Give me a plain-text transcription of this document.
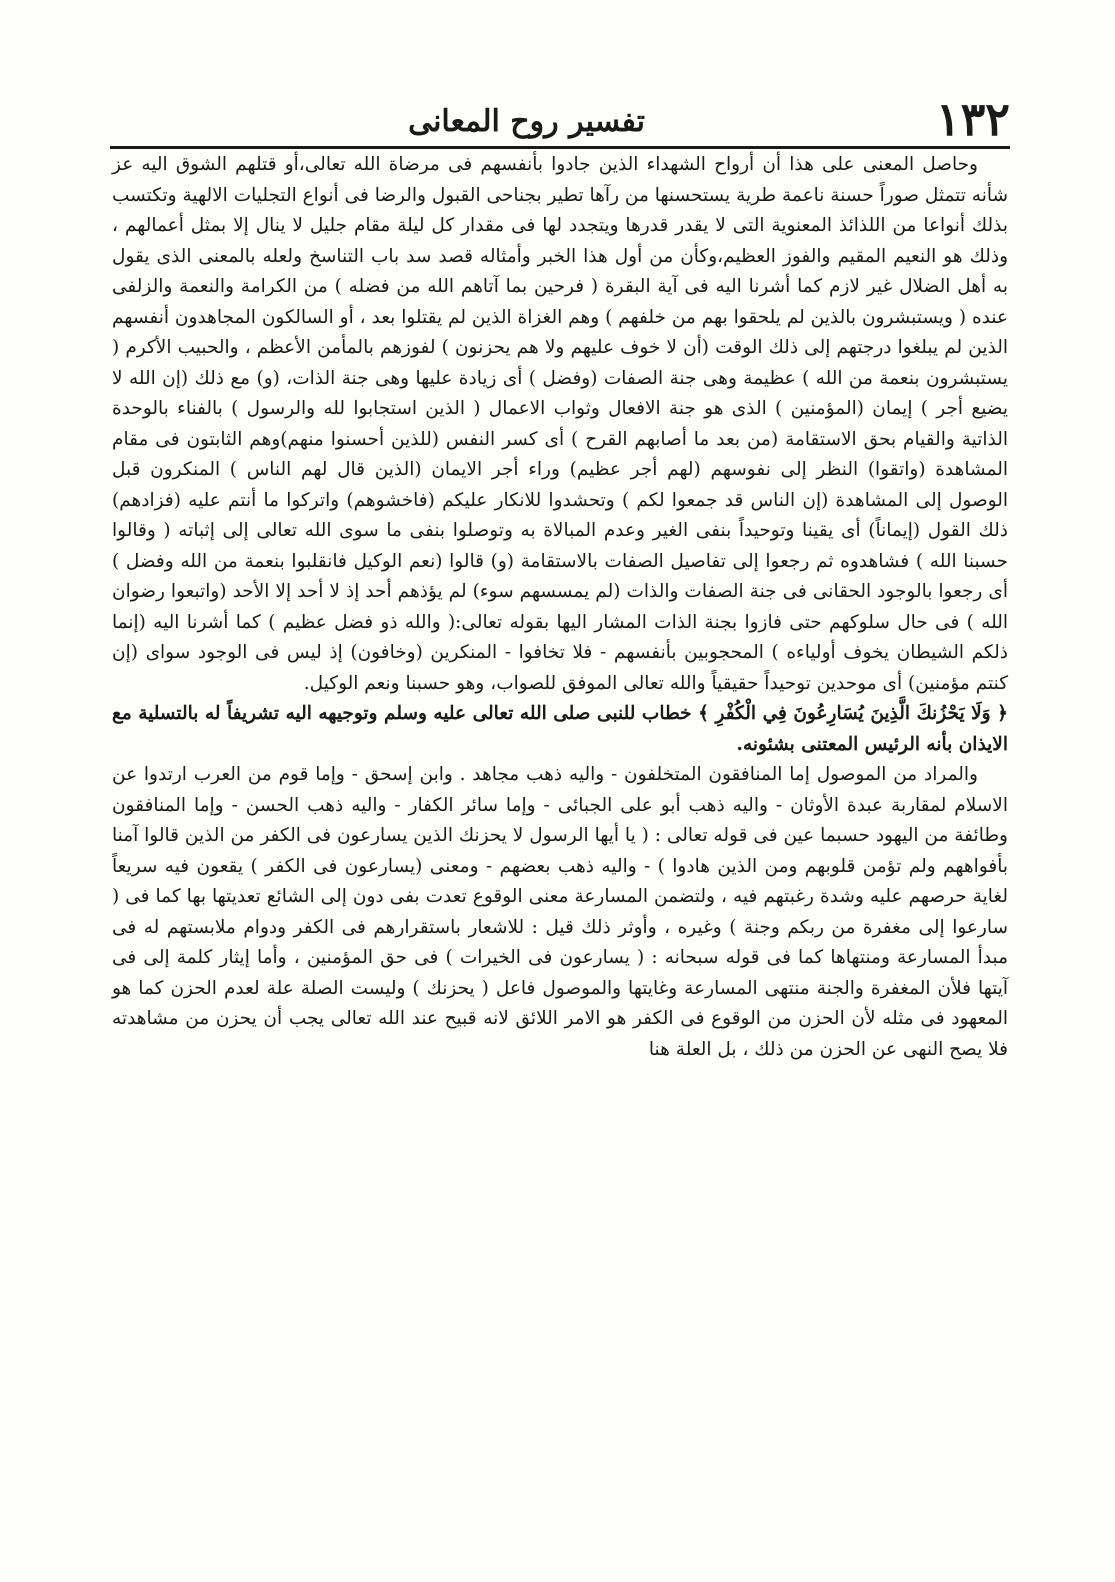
١٣٢
تفسير روح المعانى

وحاصل المعنى على هذا أن أرواح الشهداء الذين جادوا بأنفسهم فى مرضاة الله تعالى،أو قتلهم الشوق اليه عز شأنه تتمثل صوراً حسنة ناعمة طرية يستحسنها من رآها تطير بجناحى القبول والرضا فى أنواع التجليات الالهية وتكتسب بذلك أنواعا من اللذائذ المعنوية التى لا يقدر قدرها ويتجدد لها فى مقدار كل ليلة مقام جليل لا ينال إلا بمثل أعمالهم ، وذلك هو النعيم المقيم والفوز العظيم،وكأن من أول هذا الخبر وأمثاله قصد سد باب التناسخ ولعله بالمعنى الذى يقول به أهل الضلال غير لازم كما أشرنا اليه فى آية البقرة ( فرحين بما آتاهم الله من فضله ) من الكرامة والنعمة والزلفى عنده ( ويستبشرون بالذين لم يلحقوا بهم من خلفهم ) وهم الغزاة الذين لم يقتلوا بعد ، أو السالكون المجاهدون أنفسهم الذين لم يبلغوا درجتهم إلى ذلك الوقت (أن لا خوف عليهم ولا هم يحزنون ) لفوزهم بالمأمن الأعظم ، والحبيب الأكرم ( يستبشرون بنعمة من الله ) عظيمة وهى جنة الصفات (وفضل ) أى زيادة عليها وهى جنة الذات، (و) مع ذلك (إن الله لا يضيع أجر ) إيمان (المؤمنين ) الذى هو جنة الافعال وثواب الاعمال ( الذين استجابوا لله والرسول ) بالفناء بالوحدة الذاتية والقيام بحق الاستقامة (من بعد ما أصابهم القرح ) أى كسر النفس (للذين أحسنوا منهم)وهم الثابتون فى مقام المشاهدة (واتقوا) النظر إلى نفوسهم (لهم أجر عظيم) وراء أجر الايمان (الذين قال لهم الناس ) المنكرون قبل الوصول إلى المشاهدة (إن الناس قد جمعوا لكم ) وتحشدوا للانكار عليكم (فاخشوهم) واتركوا ما أنتم عليه (فزادهم) ذلك القول (إيماناً) أى يقينا وتوحيداً بنفى الغير وعدم المبالاة به وتوصلوا بنفى ما سوى الله تعالى إلى إثباته ( وقالوا حسبنا الله ) فشاهدوه ثم رجعوا إلى تفاصيل الصفات بالاستقامة (و) قالوا (نعم الوكيل فانقلبوا بنعمة من الله وفضل ) أى رجعوا بالوجود الحقانى فى جنة الصفات والذات (لم يمسسهم سوء) لم يؤذهم أحد إذ لا أحد إلا الأحد (واتبعوا رضوان الله ) فى حال سلوكهم حتى فازوا بجنة الذات المشار اليها بقوله تعالى:( والله ذو فضل عظيم ) كما أشرنا اليه (إنما ذلكم الشيطان يخوف أولياءه ) المحجوبين بأنفسهم - فلا تخافوا - المنكرين (وخافون) إذ ليس فى الوجود سواى (إن كنتم مؤمنين) أى موحدين توحيداً حقيقياً والله تعالى الموفق للصواب، وهو حسبنا ونعم الوكيل.

﴿ وَلَا يَحْزُنكَ الَّذِينَ يُسَارِعُونَ فِي الْكُفْرِ ﴾ خطاب للنبى صلى الله تعالى عليه وسلم وتوجيهه اليه تشريفاً له بالتسلية مع الايذان بأنه الرئيس المعتنى بشئونه.

والمراد من الموصول إما المنافقون المتخلفون - واليه ذهب مجاهد . وابن إسحق - وإما قوم من العرب ارتدوا عن الاسلام لمقاربة عبدة الأوثان - واليه ذهب أبو على الجبائى - وإما سائر الكفار - واليه ذهب الحسن - وإما المنافقون وطائفة من اليهود حسبما عين فى قوله تعالى : ( يا أيها الرسول لا يحزنك الذين يسارعون فى الكفر من الذين قالوا آمنا بأفواههم ولم تؤمن قلوبهم ومن الذين هادوا ) - واليه ذهب بعضهم - ومعنى (يسارعون فى الكفر ) يقعون فيه سريعاً لغاية حرصهم عليه وشدة رغبتهم فيه ، ولتضمن المسارعة معنى الوقوع تعدت بفى دون إلى الشائع تعديتها بها كما فى ( سارعوا إلى مغفرة من ربكم وجنة ) وغيره ، وأوثر ذلك قيل : للاشعار باستقرارهم فى الكفر ودوام ملابستهم له فى مبدأ المسارعة ومنتهاها كما فى قوله سبحانه : ( يسارعون فى الخيرات ) فى حق المؤمنين ، وأما إيثار كلمة إلى فى آيتها فلأن المغفرة والجنة منتهى المسارعة وغايتها والموصول فاعل ( يحزنك ) وليست الصلة علة لعدم الحزن كما هو المعهود فى مثله لأن الحزن من الوقوع فى الكفر هو الامر اللائق لانه قبيح عند الله تعالى يجب أن يحزن من مشاهدته فلا يصح النهى عن الحزن من ذلك ، بل العلة هنا
